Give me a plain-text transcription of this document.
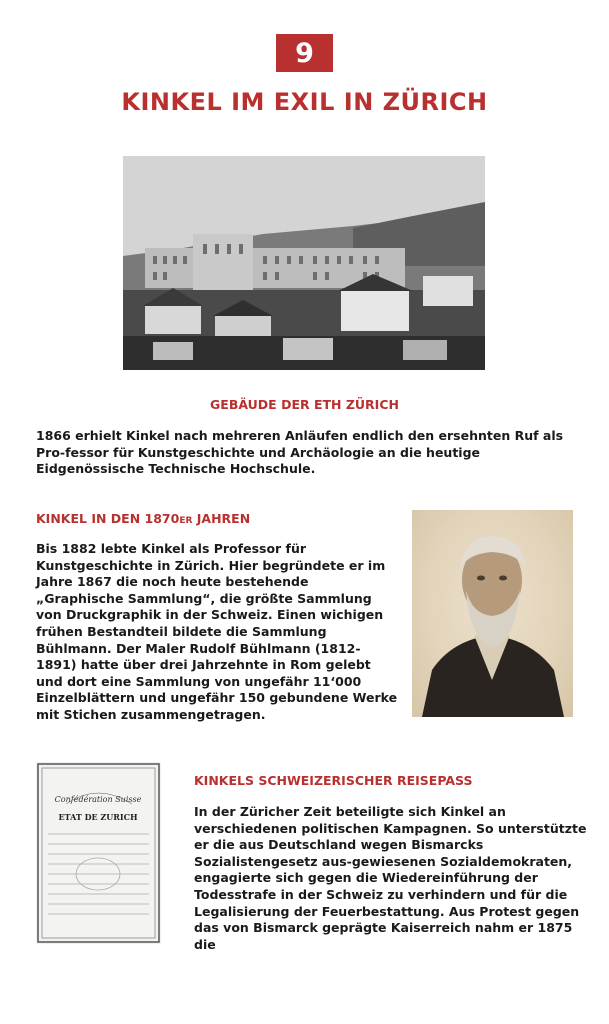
9
KINKEL IM EXIL IN ZÜRICH
GEBÄUDE DER ETH ZÜRICH
1866 erhielt Kinkel nach mehreren Anläufen endlich den ersehnten Ruf als Pro-fessor für Kunstgeschichte und Archäologie an die heutige Eidgenössische Technische Hochschule.
KINKEL IN DEN 1870ER JAHREN
Bis 1882 lebte Kinkel als Professor für Kunstgeschichte in Zürich. Hier begründete er im Jahre 1867 die noch heute bestehende „Graphische Sammlung“, die größte Sammlung von Druckgraphik in der Schweiz. Einen wichigen frühen Bestandteil bildete die Sammlung Bühlmann. Der Maler Rudolf Bühlmann (1812-1891) hatte über drei Jahrzehnte in Rom gelebt und dort eine Sammlung von ungefähr 11‘000 Einzelblättern und ungefähr 150 gebundene Werke mit Stichen zusammengetragen.
Confédération Suisse
ETAT DE ZURICH
KINKELS SCHWEIZERISCHER REISEPASS
In der Züricher Zeit beteiligte sich Kinkel an verschiedenen politischen Kampagnen. So unterstützte er die aus Deutschland wegen Bismarcks Sozialistengesetz aus-gewiesenen Sozialdemokraten, engagierte sich gegen die Wiedereinführung der Todesstrafe in der Schweiz zu verhindern und für die Legalisierung der Feuerbestattung. Aus Protest gegen das von Bismarck geprägte Kaiserreich nahm er 1875 die
